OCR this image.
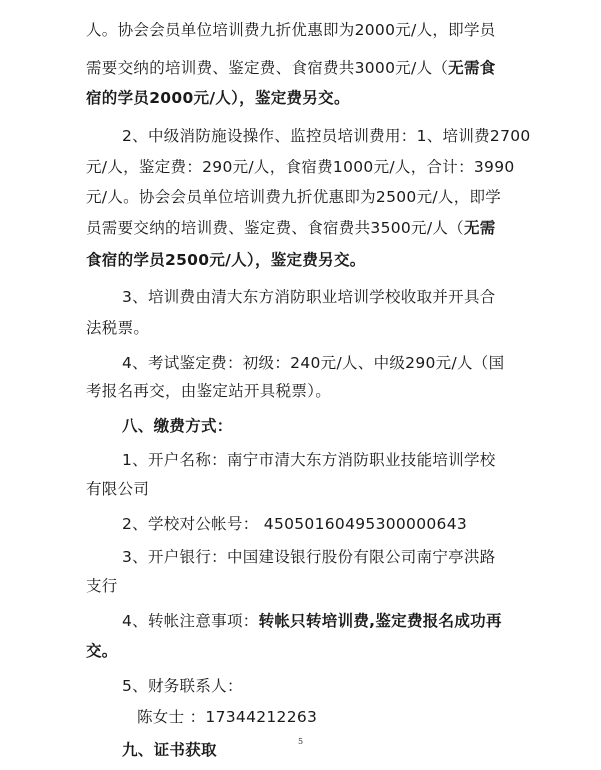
人。协会会员单位培训费九折优惠即为2000元/人，即学员
需要交纳的培训费、鉴定费、食宿费共3000元/人（无需食
宿的学员2000元/人），鉴定费另交。
2、中级消防施设操作、监控员培训费用：1、培训费2700
元/人，鉴定费：290元/人，食宿费1000元/人，合计：3990
元/人。协会会员单位培训费九折优惠即为2500元/人，即学
员需要交纳的培训费、鉴定费、食宿费共3500元/人（无需
食宿的学员2500元/人），鉴定费另交。
3、培训费由清大东方消防职业培训学校收取并开具合
法税票。
4、考试鉴定费：初级：240元/人、中级290元/人（国
考报名再交，由鉴定站开具税票）。
八、缴费方式：
1、开户名称：南宁市清大东方消防职业技能培训学校
有限公司
2、学校对公帐号： 45050160495300000643
3、开户银行：中国建设银行股份有限公司南宁亭洪路
支行
4、转帐注意事项：转帐只转培训费,鉴定费报名成功再
交。
5、财务联系人：
陈女士 ：17344212263
九、证书获取	5
